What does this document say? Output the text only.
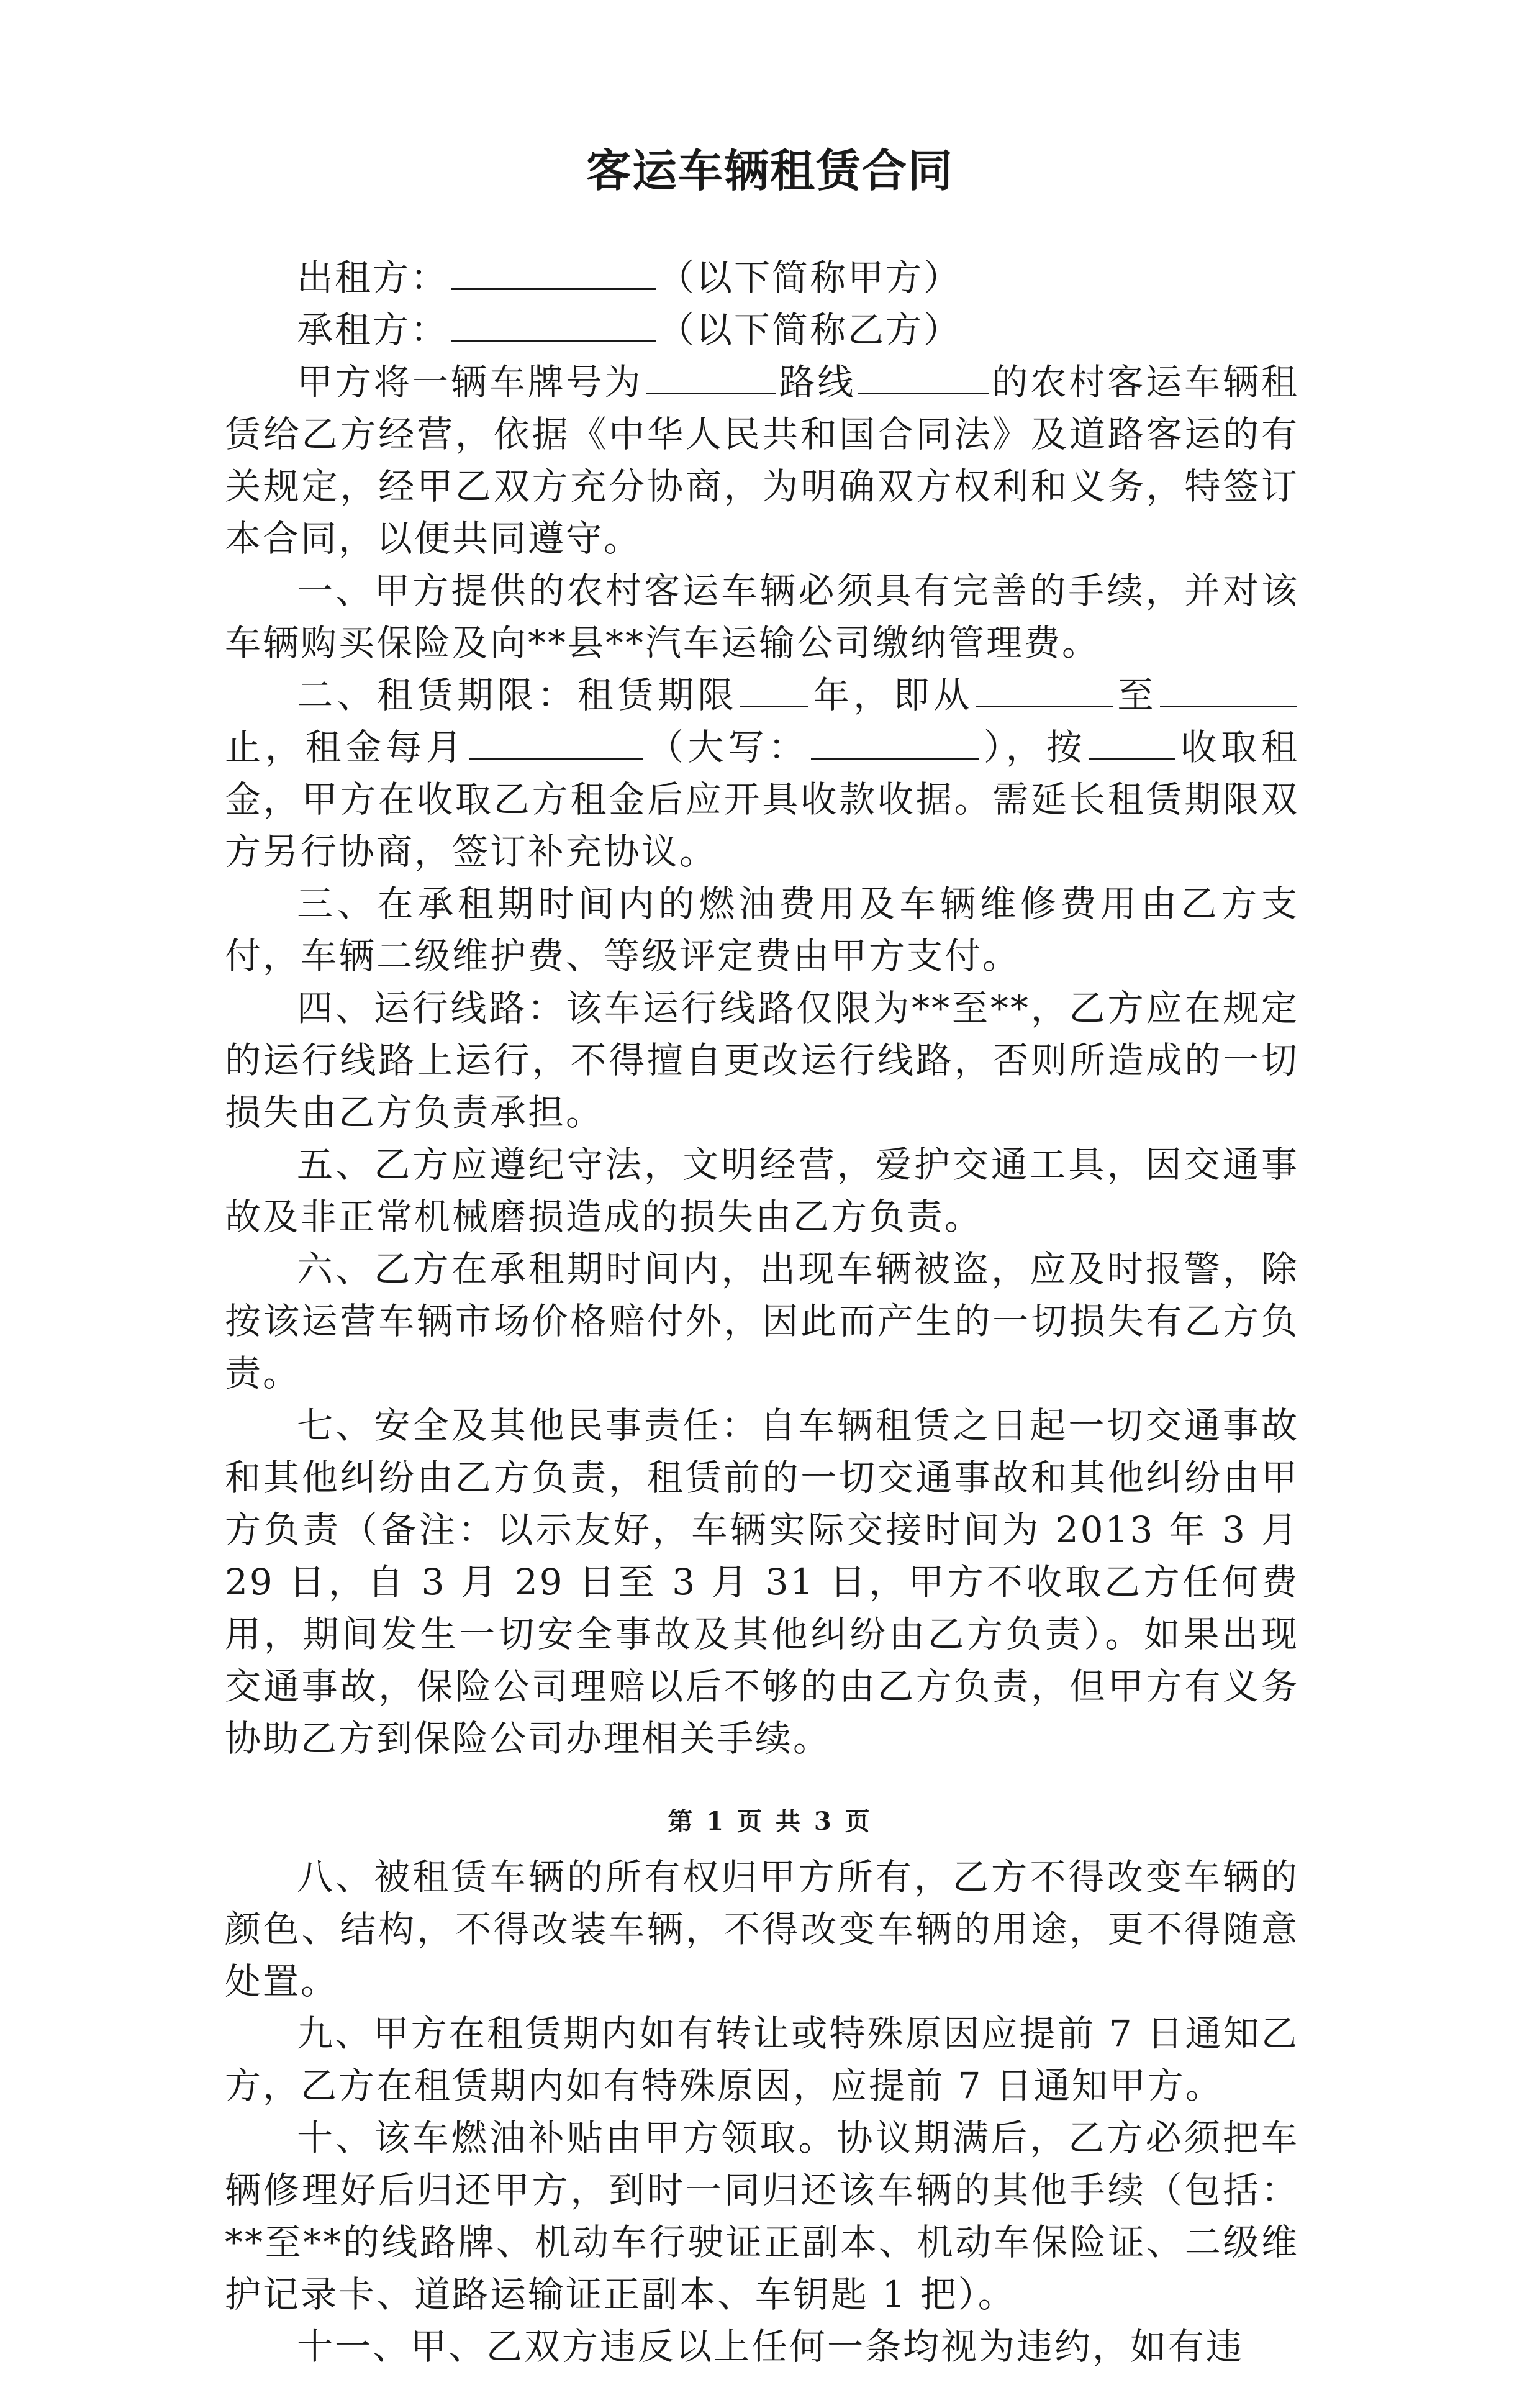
客运车辆租赁合同

出租方：	（以下简称甲方）

承租方：	（以下简称乙方）

甲方将一辆车牌号为	路线	的农村客运车辆租赁给乙方经营，依据《中华人民共和国合同法》及道路客运的有关规定，经甲乙双方充分协商，为明确双方权利和义务，特签订本合同，以便共同遵守。

一、甲方提供的农村客运车辆必须具有完善的手续，并对该车辆购买保险及向**县**汽车运输公司缴纳管理费。

二、租赁期限：租赁期限 年，即从	至止，租金每月	（大写：	），按	收取租金，甲方在收取乙方租金后应开具收款收据。需延长租赁期限双方另行协商，签订补充协议。

三、在承租期时间内的燃油费用及车辆维修费用由乙方支付，车辆二级维护费、等级评定费由甲方支付。

四、运行线路：该车运行线路仅限为**至**，乙方应在规定的运行线路上运行，不得擅自更改运行线路，否则所造成的一切损失由乙方负责承担。

五、乙方应遵纪守法，文明经营，爱护交通工具，因交通事故及非正常机械磨损造成的损失由乙方负责。

六、乙方在承租期时间内，出现车辆被盗，应及时报警，除按该运营车辆市场价格赔付外，因此而产生的一切损失有乙方负责。

七、安全及其他民事责任：自车辆租赁之日起一切交通事故和其他纠纷由乙方负责，租赁前的一切交通事故和其他纠纷由甲方负责（备注：以示友好，车辆实际交接时间为 2013 年 3 月 29 日，自 3 月 29 日至 3 月 31 日，甲方不收取乙方任何费用，期间发生一切安全事故及其他纠纷由乙方负责）。如果出现交通事故，保险公司理赔以后不够的由乙方负责，但甲方有义务协助乙方到保险公司办理相关手续。

第 1 页 共 3 页

八、被租赁车辆的所有权归甲方所有，乙方不得改变车辆的颜色、结构，不得改装车辆，不得改变车辆的用途，更不得随意处置。

九、甲方在租赁期内如有转让或特殊原因应提前 7 日通知乙方，乙方在租赁期内如有特殊原因，应提前 7 日通知甲方。

十、该车燃油补贴由甲方领取。协议期满后，乙方必须把车辆修理好后归还甲方，到时一同归还该车辆的其他手续（包括：**至**的线路牌、机动车行驶证正副本、机动车保险证、二级维护记录卡、道路运输证正副本、车钥匙 1 把）。

十一、甲、乙双方违反以上任何一条均视为违约，如有违
